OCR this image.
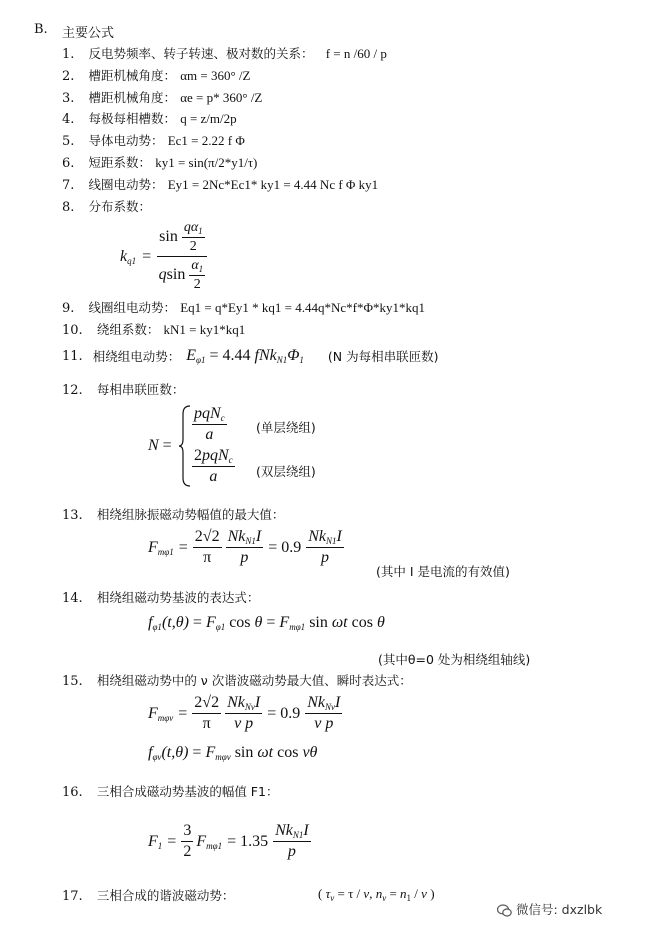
B. 主要公式
1. 反电势频率、转子转速、极对数的关系： f = n /60 / p
2. 槽距机械角度： αm = 360° /Z
3. 槽距机械角度： αe = p* 360° /Z
4. 每极每相槽数： q = z/m/2p
5. 导体电动势： Ec1 = 2.22 f Φ
6. 短距系数： ky1 = sin(π/2*y1/τ)
7. 线圈电动势： Ey1 = 2Nc*Ec1* ky1 = 4.44 Nc f Φ ky1
8. 分布系数：
$k_{q1} = \frac{\sin \frac{q\alpha_1}{2}}{qsin \frac{\alpha_1}{2}}$
9. 线圈组电动势： Eq1 = q*Ey1 * kq1 = 4.44q*Nc*f*Φ*ky1*kq1
10. 绕组系数： kN1 = ky1*kq1
11. 相绕组电动势： $E_{\varphi 1} = 4.44$ $fNk_{N1}\Phi_1$ (N 为每相串联匝数)
12. 每相串联匝数：
N =
pqN$_c$
a
2pqN$_c$
a
(单层绕组)
(双层绕组)
13. 相绕组脉振磁动势幅值的最大值：
$F_{m\varphi 1} = \frac{2√2}{\pi} \frac{Nk_{N1}I}{p} = 0.9 \frac{Nk_{N1}I}{p}$
(其中 I 是电流的有效值)
14. 相绕组磁动势基波的表达式：
$f_{\varphi 1}(t,\theta) = F_{\varphi 1}$ $\cos \theta = F_{m\varphi 1}$ sin ωt cos θ
(其中θ=0 处为相绕组轴线)
15. 相绕组磁动势中的 ν 次谐波磁动势最大值、瞬时表达式：
$F_{m\varphi\nu} = \frac{2√2}{\pi} \frac{Nk_{N\nu}I}{\text{ν p}} = 0.9 \frac{Nk_{N\nu}I}{\text{ν p}}$
$f_{\varphi\nu}(t,\theta) = F_{m\varphi\nu}$ sin ωt cos νθ
16. 三相合成磁动势基波的幅值 F1：
$F_1 = \frac{3}{2} F_{m\varphi 1} = 1.35 \frac{Nk_{N1}I}{p}$
17. 三相合成的谐波磁动势：	( $\tau_\nu = \tau / \nu$, $n_\nu = n_1 / \nu$ )
微信号: dxzlbk
